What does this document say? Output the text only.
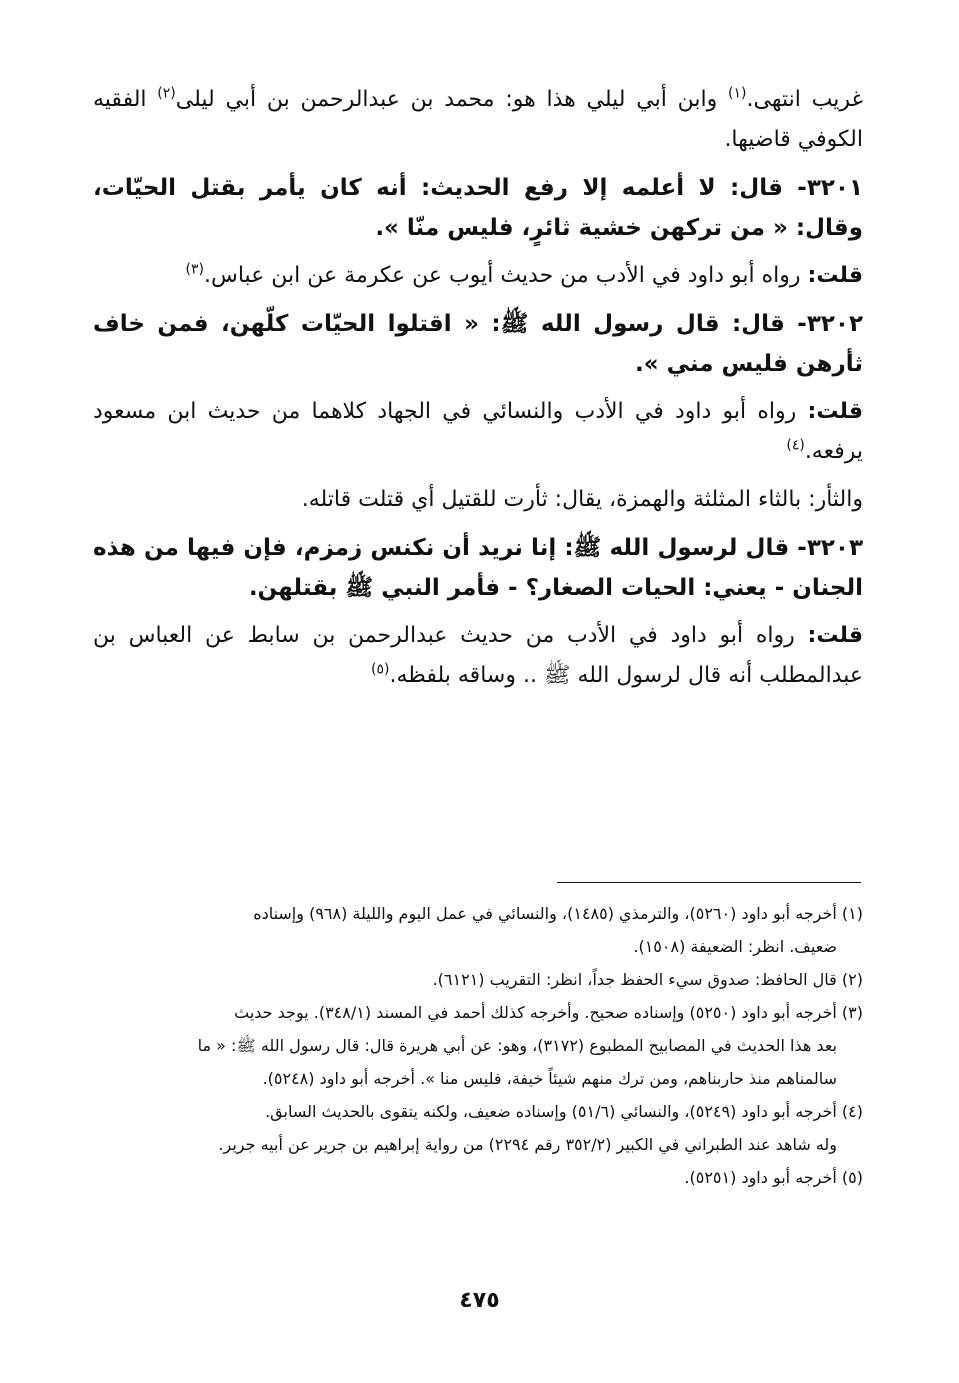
غريب انتهى.$^{(١)}$ وابن أبي ليلي هذا هو: محمد بن عبدالرحمن بن أبي ليلى$^{(٢)}$ الفقيه الكوفي قاضيها.

٣٢٠١- قال: لا أعلمه إلا رفع الحديث: أنه كان يأمر بقتل الحيّات، وقال: « من تركهن خشية ثائرٍ، فليس منّا ».

قلت: رواه أبو داود في الأدب من حديث أيوب عن عكرمة عن ابن عباس.$^{(٣)}$

٣٢٠٢- قال: قال رسول الله ﷺ: « اقتلوا الحيّات كلّهن، فمن خاف ثأرهن فليس مني ».

قلت: رواه أبو داود في الأدب والنسائي في الجهاد كلاهما من حديث ابن مسعود يرفعه.$^{(٤)}$

والثأر: بالثاء المثلثة والهمزة، يقال: ثأرت للقتيل أي قتلت قاتله.

٣٢٠٣- قال لرسول الله ﷺ: إنا نريد أن نكنس زمزم، فإن فيها من هذه الجنان - يعني: الحيات الصغار؟ - فأمر النبي ﷺ بقتلهن.

قلت: رواه أبو داود في الأدب من حديث عبدالرحمن بن سابط عن العباس بن عبدالمطلب أنه قال لرسول الله ﷺ .. وساقه بلفظه.$^{(٥)}$

(١) أخرجه أبو داود (٥٢٦٠)، والترمذي (١٤٨٥)، والنسائي في عمل اليوم والليلة (٩٦٨) وإسناده

ضعيف. انظر: الضعيفة (١٥٠٨).

(٢) قال الحافظ: صدوق سيء الحفظ جداً، انظر: التقريب (٦١٢١).

(٣) أخرجه أبو داود (٥٢٥٠) وإسناده صحيح. وأخرجه كذلك أحمد في المسند (٣٤٨/١). يوجد حديث

بعد هذا الحديث في المصابيح المطبوع (٣١٧٢)، وهو: عن أبي هريرة قال: قال رسول الله ﷺ: « ما

سالمناهم منذ حاربناهم، ومن ترك منهم شيئاً خيفة، فليس منا ». أخرجه أبو داود (٥٢٤٨).

(٤) أخرجه أبو داود (٥٢٤٩)، والنسائي (٥١/٦) وإسناده ضعيف، ولكنه يتقوى بالحديث السابق.

وله شاهد عند الطبراني في الكبير (٣٥٢/٢ رقم ٢٢٩٤) من رواية إبراهيم بن جرير عن أبيه جرير.

(٥) أخرجه أبو داود (٥٢٥١).

٤٧٥
